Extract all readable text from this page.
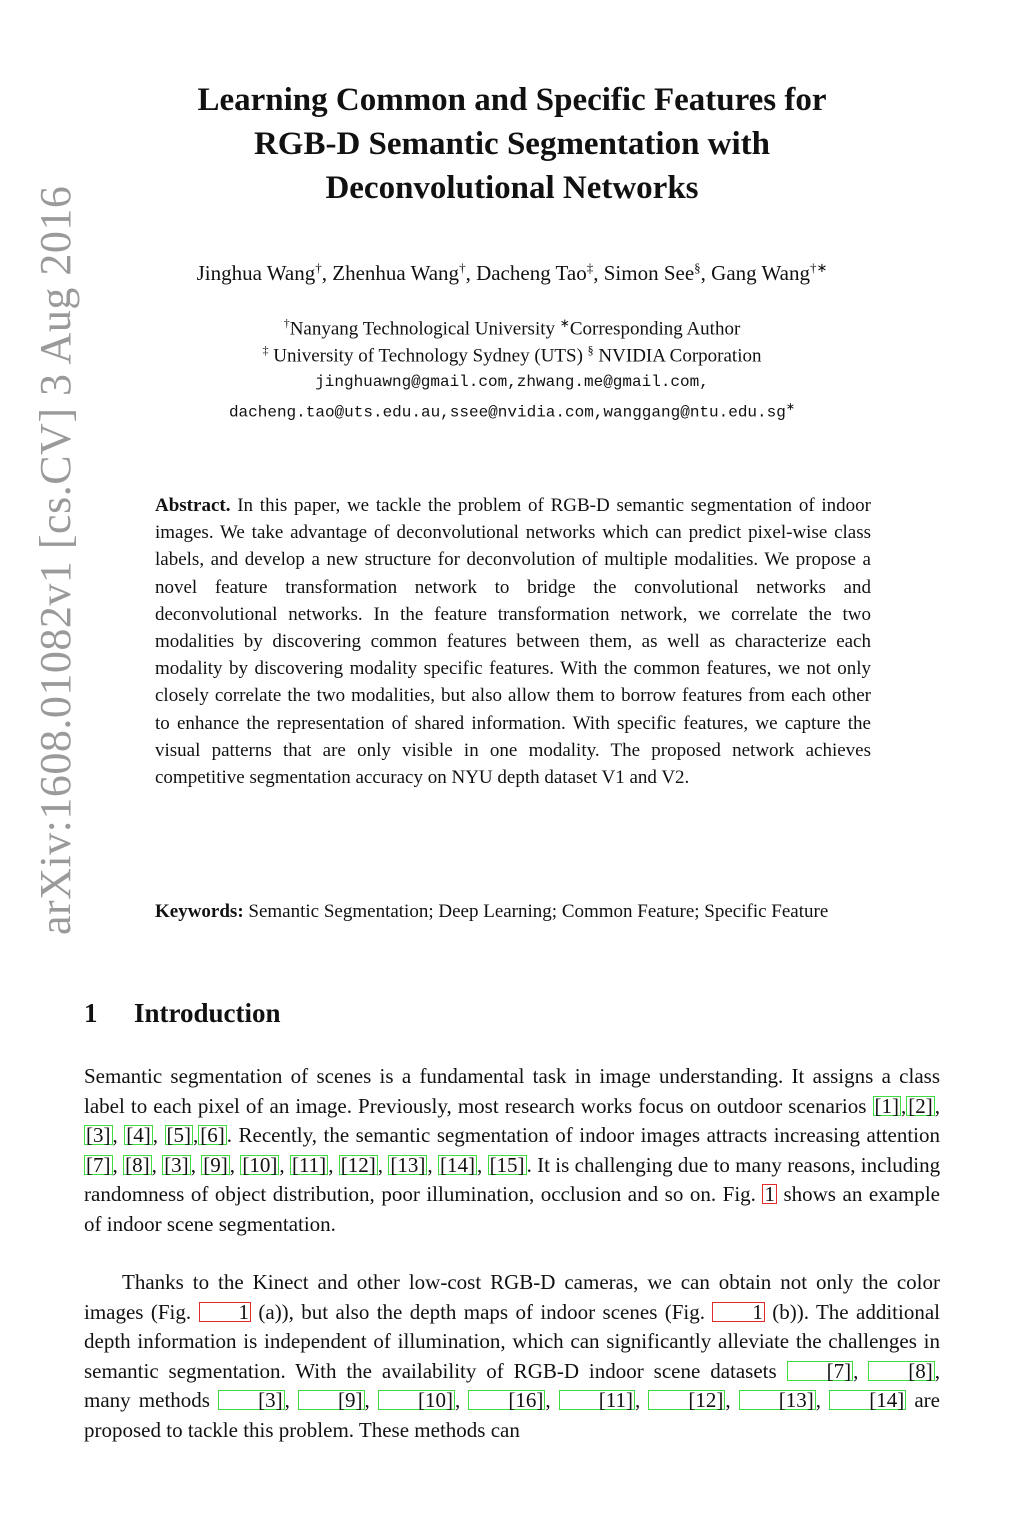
arXiv:1608.01082v1 [cs.CV] 3 Aug 2016
Learning Common and Specific Features for
RGB-D Semantic Segmentation with
Deconvolutional Networks
Jinghua Wang†, Zhenhua Wang†, Dacheng Tao‡, Simon See§, Gang Wang†∗
†Nanyang Technological University ∗Corresponding Author
‡ University of Technology Sydney (UTS) § NVIDIA Corporation
jinghuawng@gmail.com,zhwang.me@gmail.com,
dacheng.tao@uts.edu.au,ssee@nvidia.com,wanggang@ntu.edu.sg∗
Abstract. In this paper, we tackle the problem of RGB-D semantic segmentation of indoor images. We take advantage of deconvolutional networks which can predict pixel-wise class labels, and develop a new structure for deconvolution of multiple modalities. We propose a novel feature transformation network to bridge the convolutional networks and deconvolutional networks. In the feature transformation network, we correlate the two modalities by discovering common features between them, as well as characterize each modality by discovering modality specific features. With the common features, we not only closely correlate the two modalities, but also allow them to borrow features from each other to enhance the representation of shared information. With specific features, we capture the visual patterns that are only visible in one modality. The proposed network achieves competitive segmentation accuracy on NYU depth dataset V1 and V2.
Keywords: Semantic Segmentation; Deep Learning; Common Feature; Specific Feature
1 Introduction
Semantic segmentation of scenes is a fundamental task in image understanding. It assigns a class label to each pixel of an image. Previously, most research works focus on outdoor scenarios [1],[2], [3], [4], [5],[6]. Recently, the semantic segmentation of indoor images attracts increasing attention [7], [8], [3], [9], [10], [11], [12], [13], [14], [15]. It is challenging due to many reasons, including randomness of object distribution, poor illumination, occlusion and so on. Fig. 1 shows an example of indoor scene segmentation.
Thanks to the Kinect and other low-cost RGB-D cameras, we can obtain not only the color images (Fig. 1 (a)), but also the depth maps of indoor scenes (Fig. 1 (b)). The additional depth information is independent of illumination, which can significantly alleviate the challenges in semantic segmentation. With the availability of RGB-D indoor scene datasets [7], [8], many methods [3], [9], [10], [16], [11], [12], [13], [14] are proposed to tackle this problem. These methods can
